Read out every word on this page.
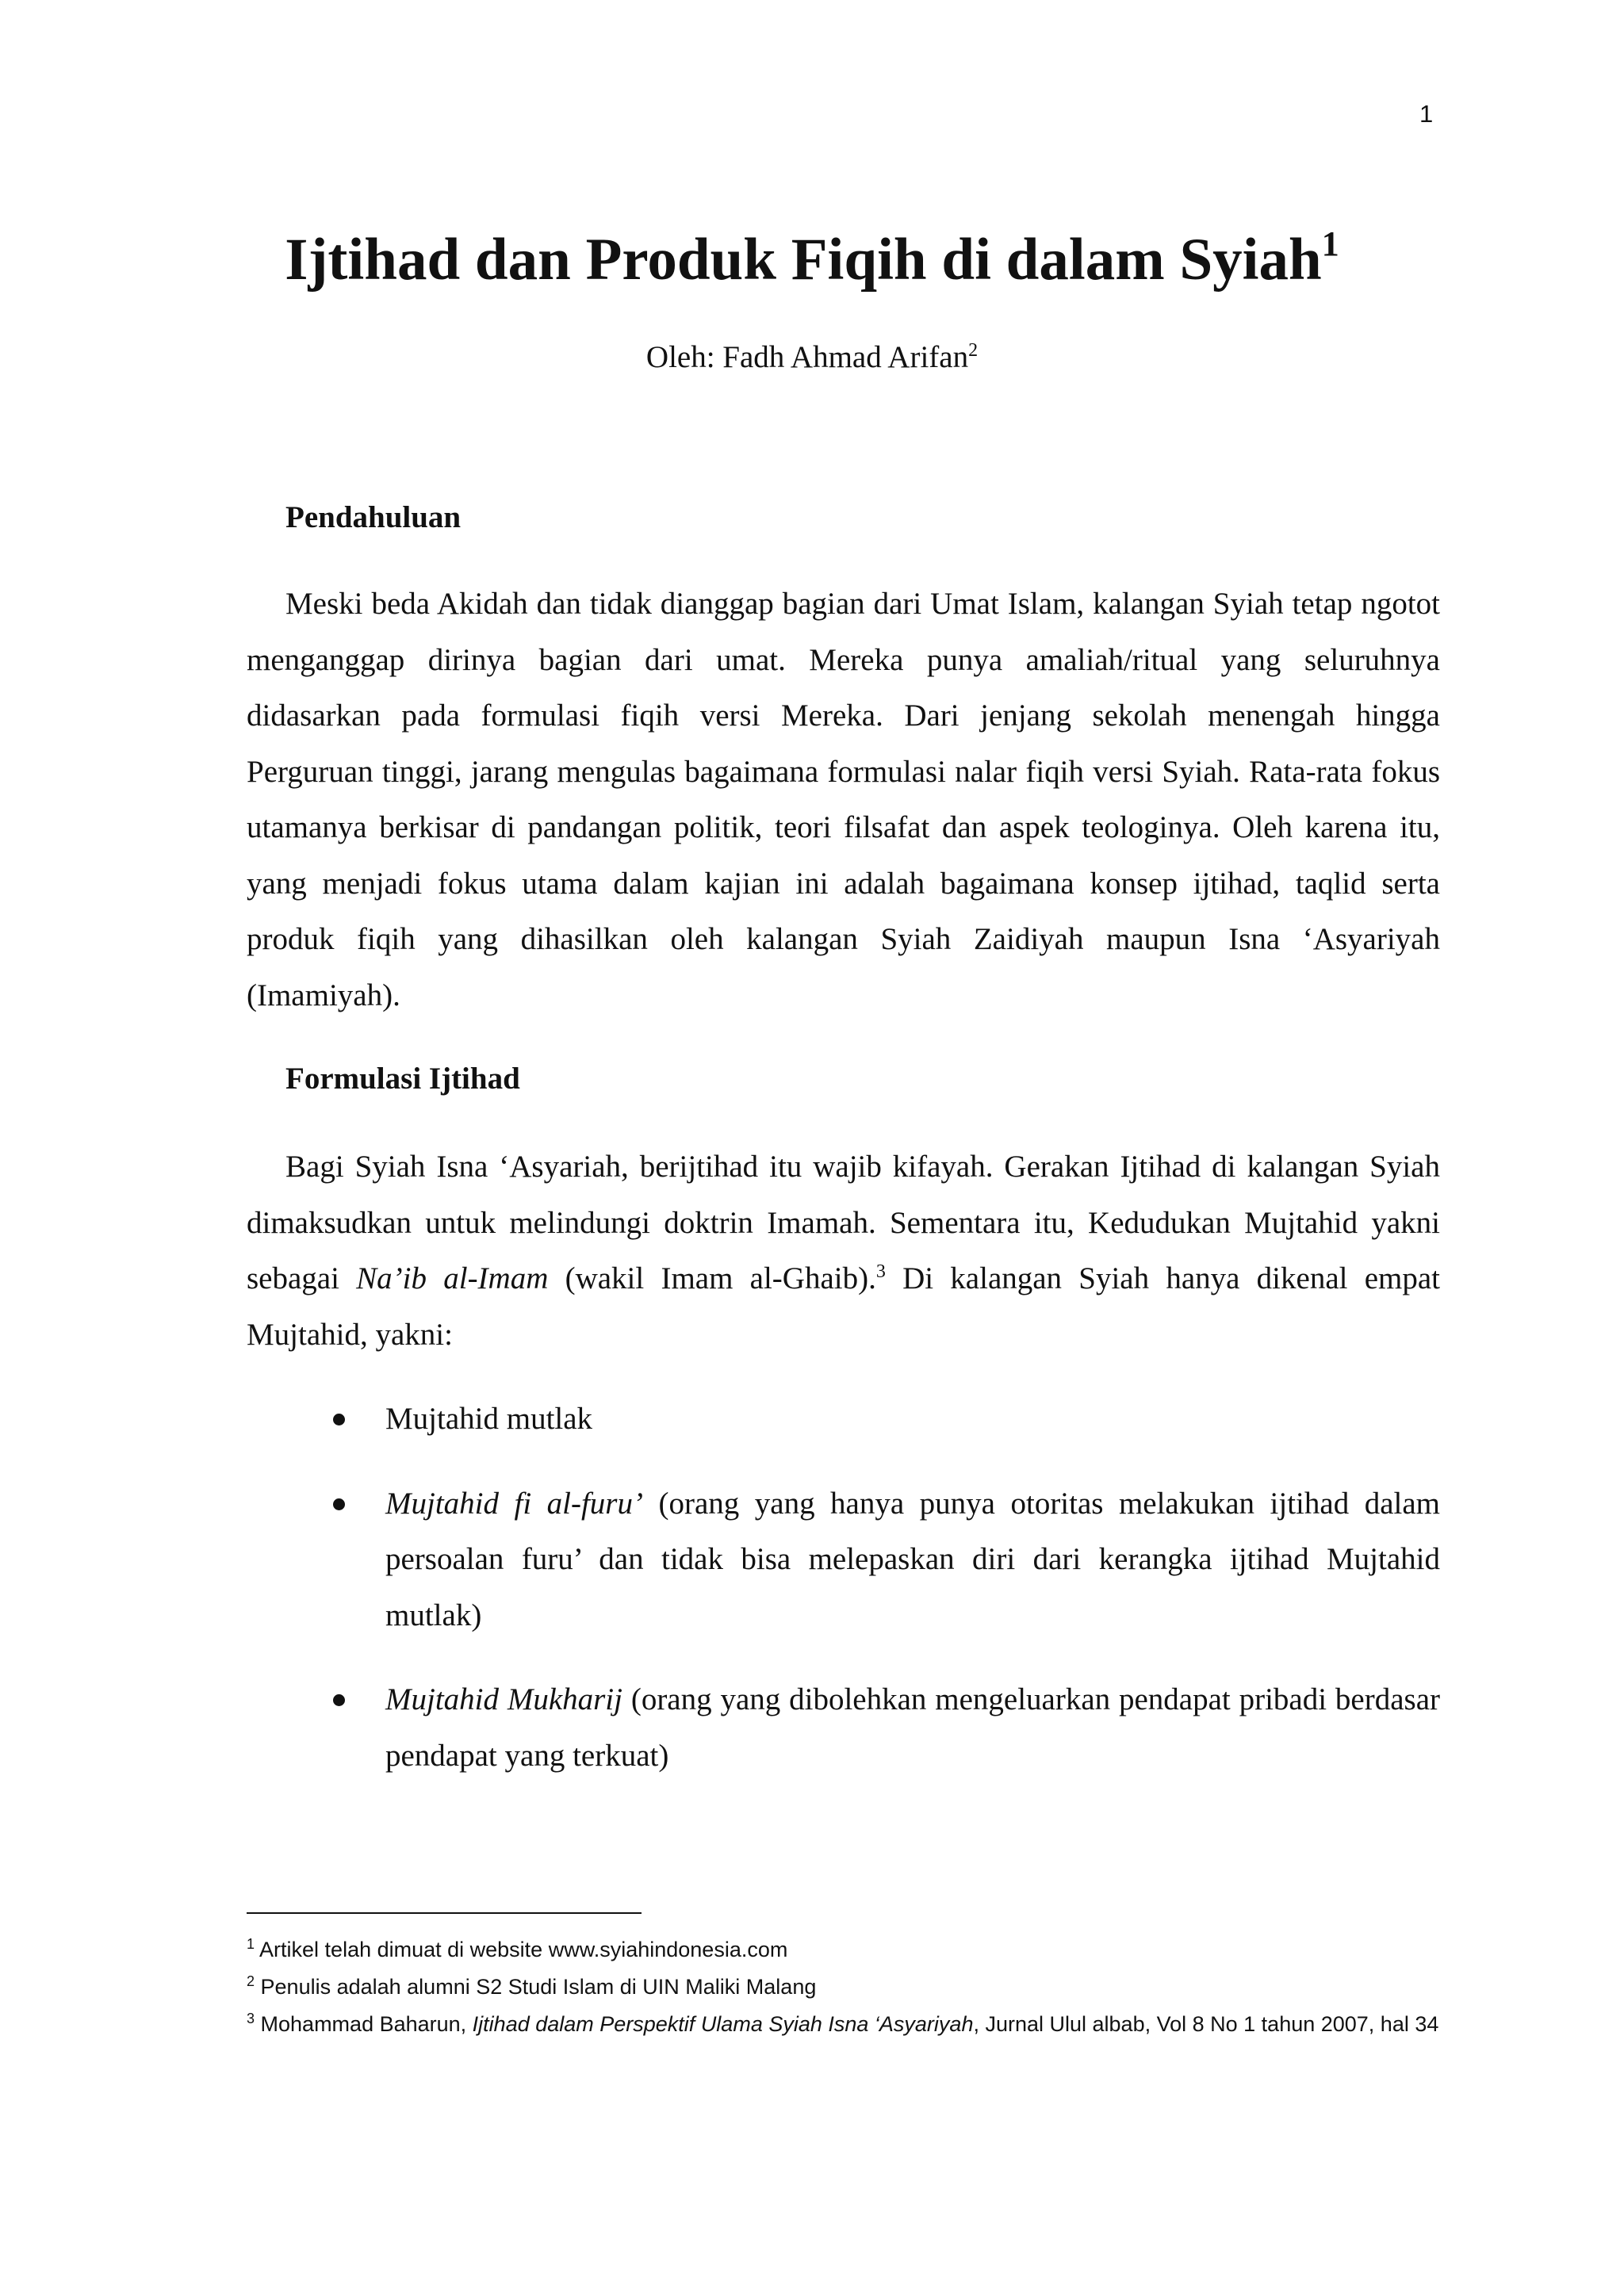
1
Ijtihad dan Produk Fiqih di dalam Syiah$^1$
Oleh: Fadh Ahmad Arifan$^2$
Pendahuluan

Meski beda Akidah dan tidak dianggap bagian dari Umat Islam, kalangan Syiah tetap ngotot menganggap dirinya bagian dari umat. Mereka punya amaliah/ritual yang seluruhnya didasarkan pada formulasi fiqih versi Mereka. Dari jenjang sekolah menengah hingga Perguruan tinggi, jarang mengulas bagaimana formulasi nalar fiqih versi Syiah. Rata-rata fokus utamanya berkisar di pandangan politik, teori filsafat dan aspek teologinya. Oleh karena itu, yang menjadi fokus utama dalam kajian ini adalah bagaimana konsep ijtihad, taqlid serta produk fiqih yang dihasilkan oleh kalangan Syiah Zaidiyah maupun Isna ‘Asyariyah (Imamiyah).

Formulasi Ijtihad

Bagi Syiah Isna ‘Asyariah, berijtihad itu wajib kifayah. Gerakan Ijtihad di kalangan Syiah dimaksudkan untuk melindungi doktrin Imamah. Sementara itu, Kedudukan Mujtahid yakni sebagai Na’ib al-Imam (wakil Imam al-Ghaib).$^3$ Di kalangan Syiah hanya dikenal empat Mujtahid, yakni:

Mujtahid mutlak
Mujtahid fi al-furu’ (orang yang hanya punya otoritas melakukan ijtihad dalam persoalan furu’ dan tidak bisa melepaskan diri dari kerangka ijtihad Mujtahid mutlak)
Mujtahid Mukharij (orang yang dibolehkan mengeluarkan pendapat pribadi berdasar pendapat yang terkuat)

$^1$ Artikel telah dimuat di website www.syiahindonesia.com

$^2$ Penulis adalah alumni S2 Studi Islam di UIN Maliki Malang

$^3$ Mohammad Baharun, Ijtihad dalam Perspektif Ulama Syiah Isna ‘Asyariyah, Jurnal Ulul albab, Vol 8 No 1 tahun 2007, hal 34
